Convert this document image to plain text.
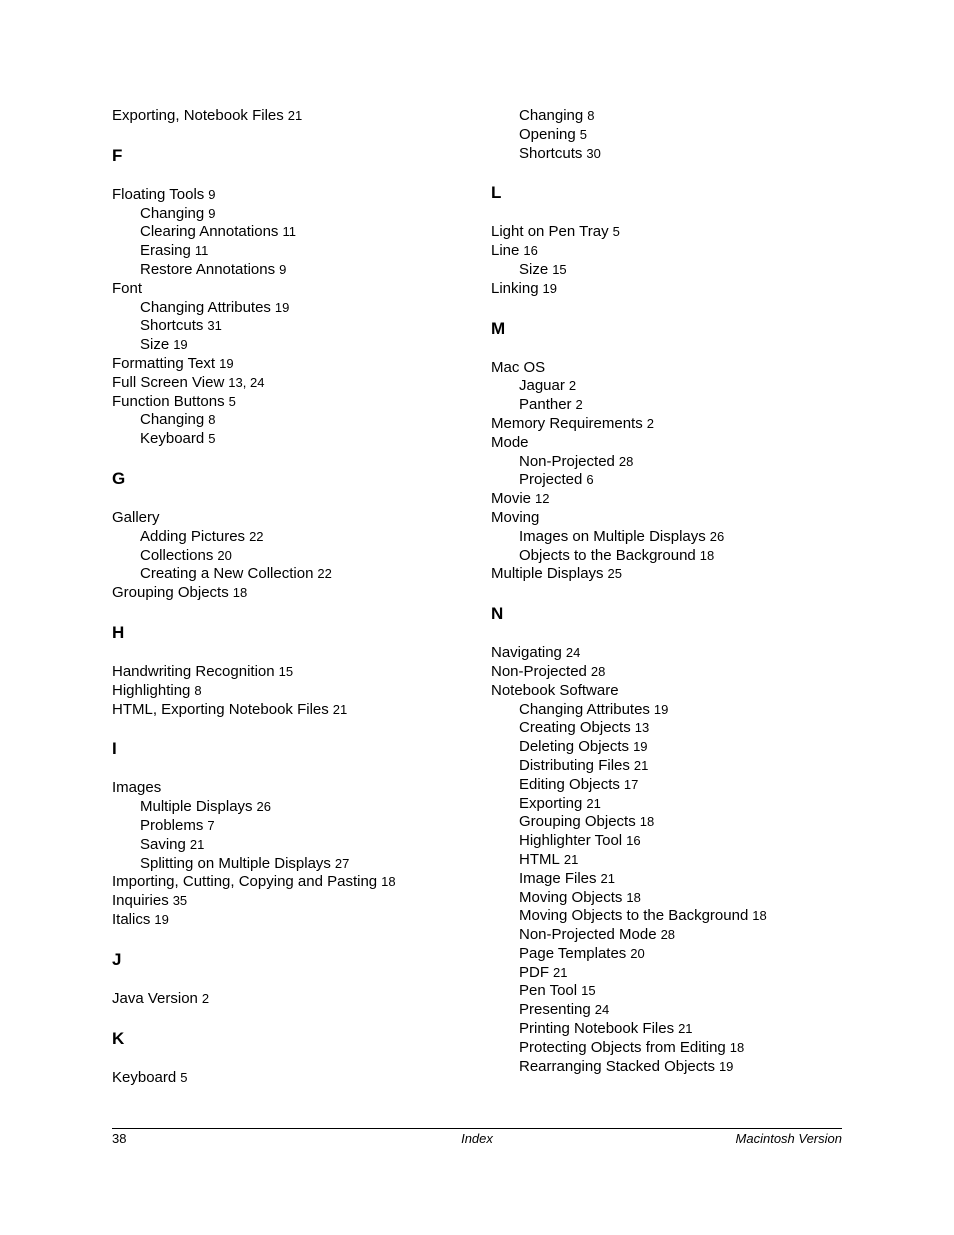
Exporting, Notebook Files 21
F
Floating Tools 9
Changing 9
Clearing Annotations 11
Erasing 11
Restore Annotations 9
Font
Changing Attributes 19
Shortcuts 31
Size 19
Formatting Text 19
Full Screen View 13, 24
Function Buttons 5
Changing 8
Keyboard 5
G
Gallery
Adding Pictures 22
Collections 20
Creating a New Collection 22
Grouping Objects 18
H
Handwriting Recognition 15
Highlighting 8
HTML, Exporting Notebook Files 21
I
Images
Multiple Displays 26
Problems 7
Saving 21
Splitting on Multiple Displays 27
Importing, Cutting, Copying and Pasting 18
Inquiries 35
Italics 19
J
Java Version 2
K
Keyboard 5
Changing 8
Opening 5
Shortcuts 30
L
Light on Pen Tray 5
Line 16
Size 15
Linking 19
M
Mac OS
Jaguar 2
Panther 2
Memory Requirements 2
Mode
Non-Projected 28
Projected 6
Movie 12
Moving
Images on Multiple Displays 26
Objects to the Background 18
Multiple Displays 25
N
Navigating 24
Non-Projected 28
Notebook Software
Changing Attributes 19
Creating Objects 13
Deleting Objects 19
Distributing Files 21
Editing Objects 17
Exporting 21
Grouping Objects 18
Highlighter Tool 16
HTML 21
Image Files 21
Moving Objects 18
Moving Objects to the Background 18
Non-Projected Mode 28
Page Templates 20
PDF 21
Pen Tool 15
Presenting 24
Printing Notebook Files 21
Protecting Objects from Editing 18
Rearranging Stacked Objects 19
38	Index	Macintosh Version
